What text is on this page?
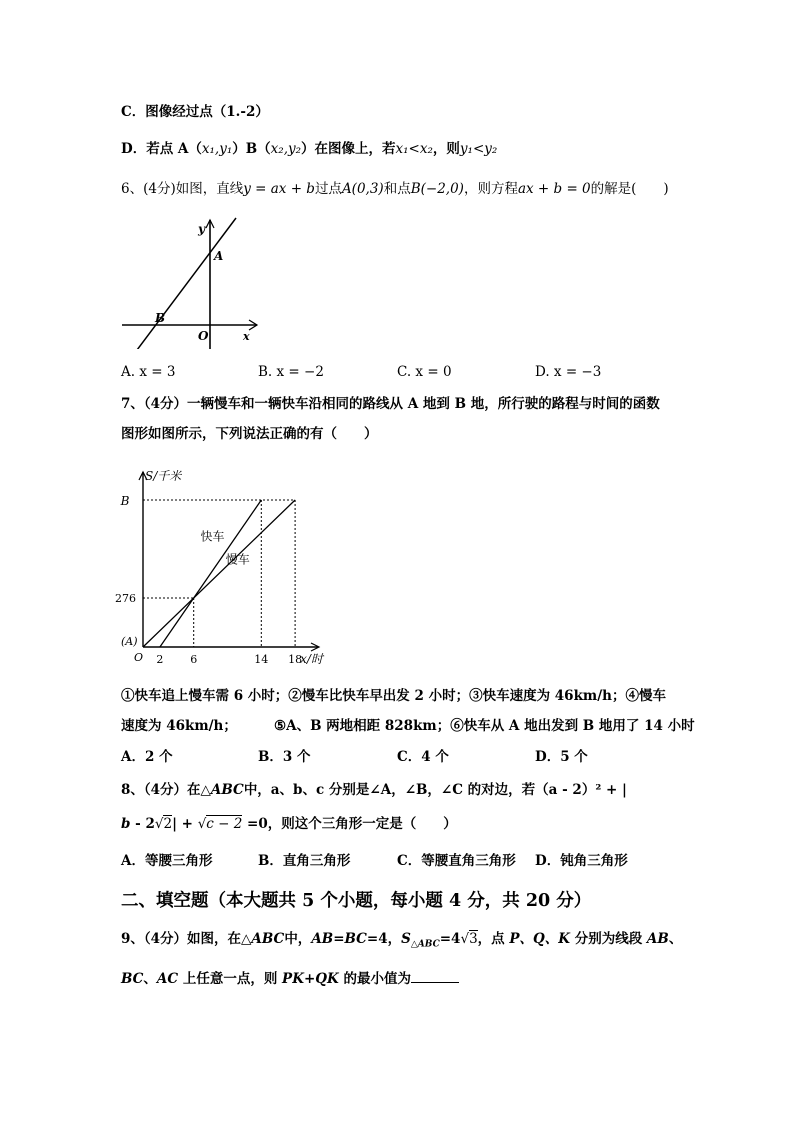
C．图像经过点（1.-2）
D．若点 A（x₁,y₁）B（x₂,y₂）在图像上，若x₁<x₂，则y₁<y₂
6、(4分)如图，直线y = ax + b过点A(0,3)和点B(−2,0)，则方程ax + b = 0的解是(　　)
y
A
B
O	x
A. x = 3	B. x = −2	C. x = 0	D. x = −3
7、（4分）一辆慢车和一辆快车沿相同的路线从 A 地到 B 地，所行驶的路程与时间的函数
图形如图所示，下列说法正确的有（　　）
快车
慢车
2 6	14 18
276
B
(A)
O
S/千米
x/时
①快车追上慢车需 6 小时；②慢车比快车早出发 2 小时；③快车速度为 46km/h；④慢车
速度为 46km/h；	⑤A、B 两地相距 828km；⑥快车从 A 地出发到 B 地用了 14 小时
A．2 个	B．3 个	C．4 个	D．5 个
8、（4分）在△ABC中，a、b、c 分别是∠A，∠B，∠C 的对边，若（a - 2）² + |
b - 2√2| + √c − 2 =0，则这个三角形一定是（　　）
A．等腰三角形	B．直角三角形	C．等腰直角三角形 D．钝角三角形
二、填空题（本大题共 5 个小题，每小题 4 分，共 20 分）
9、（4分）如图，在△ABC中，AB=BC=4，$S_{\triangle ABC}=4√3$，点 P、Q、K 分别为线段 AB、
BC、AC 上任意一点，则 PK+QK 的最小值为
